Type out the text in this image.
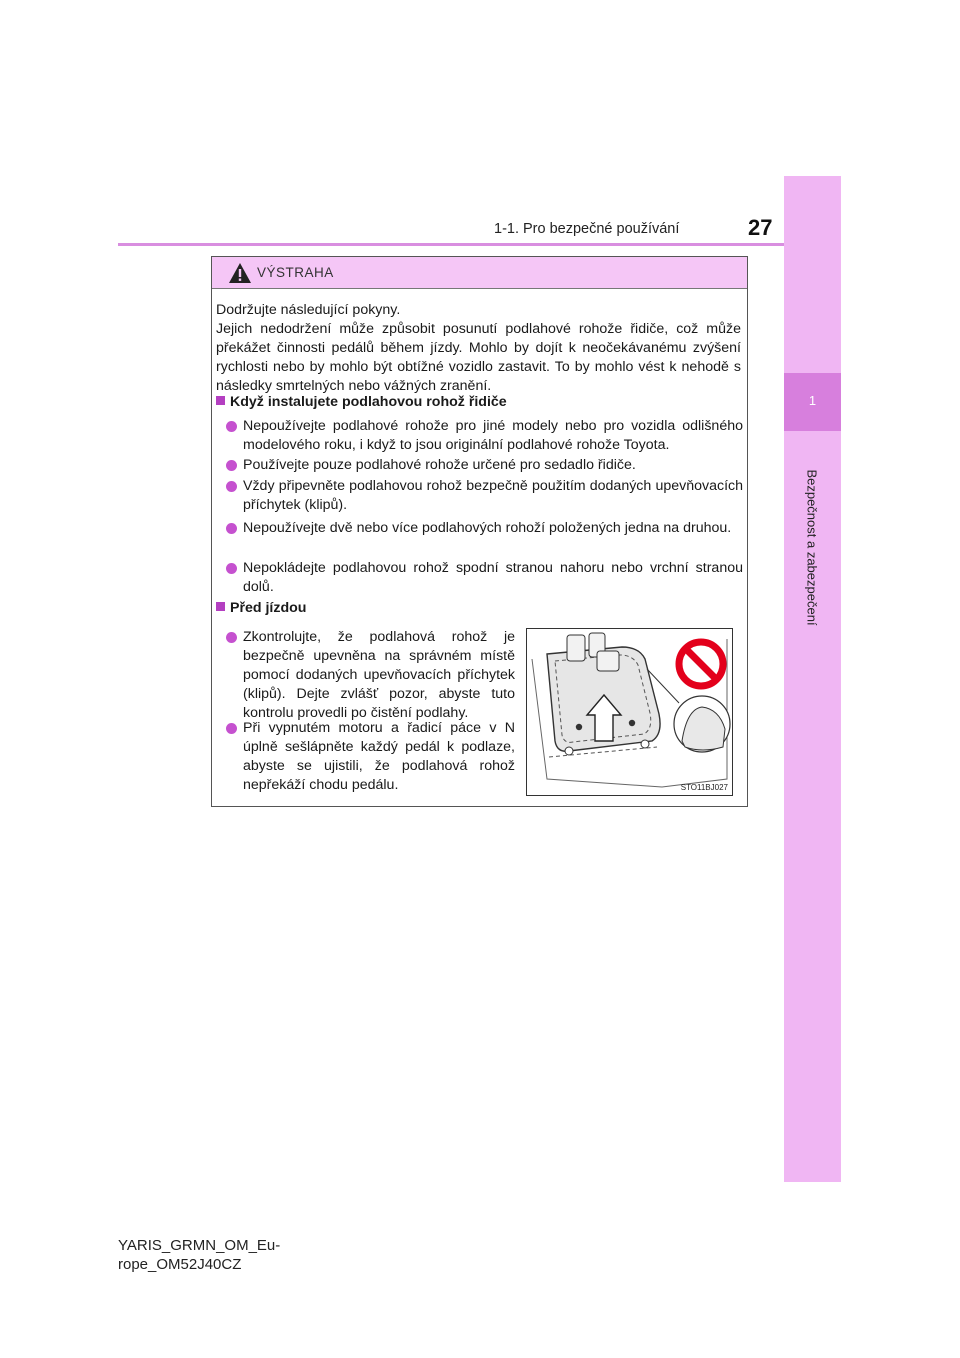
1-1. Pro bezpečné používání	27
1
Bezpečnost a zabezpečení
VÝSTRAHA

Dodržujte následující pokyny.

Jejich nedodržení může způsobit posunutí podlahové rohože řidiče, což může překážet činnosti pedálů během jízdy. Mohlo by dojít k neočekávanému zvýšení rychlosti nebo by mohlo být obtížné vozidlo zastavit. To by mohlo vést k nehodě s následky smrtelných nebo vážných zranění.

Když instalujete podlahovou rohož řidiče
Nepoužívejte podlahové rohože pro jiné modely nebo pro vozidla odlišného modelového roku, i když to jsou originální podlahové rohože Toyota.
Používejte pouze podlahové rohože určené pro sedadlo řidiče.
Vždy připevněte podlahovou rohož bezpečně použitím dodaných upevňovacích příchytek (klipů).
Nepoužívejte dvě nebo více podlahových rohoží položených jedna na druhou.
Nepokládejte podlahovou rohož spodní stranou nahoru nebo vrchní stranou dolů.
Před jízdou
Zkontrolujte, že podlahová rohož je bezpečně upevněna na správném místě pomocí dodaných upevňovacích příchytek (klipů). Dejte zvlášť pozor, abyste tuto kontrolu provedli po čistění podlahy.
Při vypnutém motoru a řadicí páce v N úplně sešlápněte každý pedál k podlaze, abyste se ujistili, že podlahová rohož nepřekáží chodu pedálu.	STO11BJ027
YARIS_GRMN_OM_Eu-
rope_OM52J40CZ
